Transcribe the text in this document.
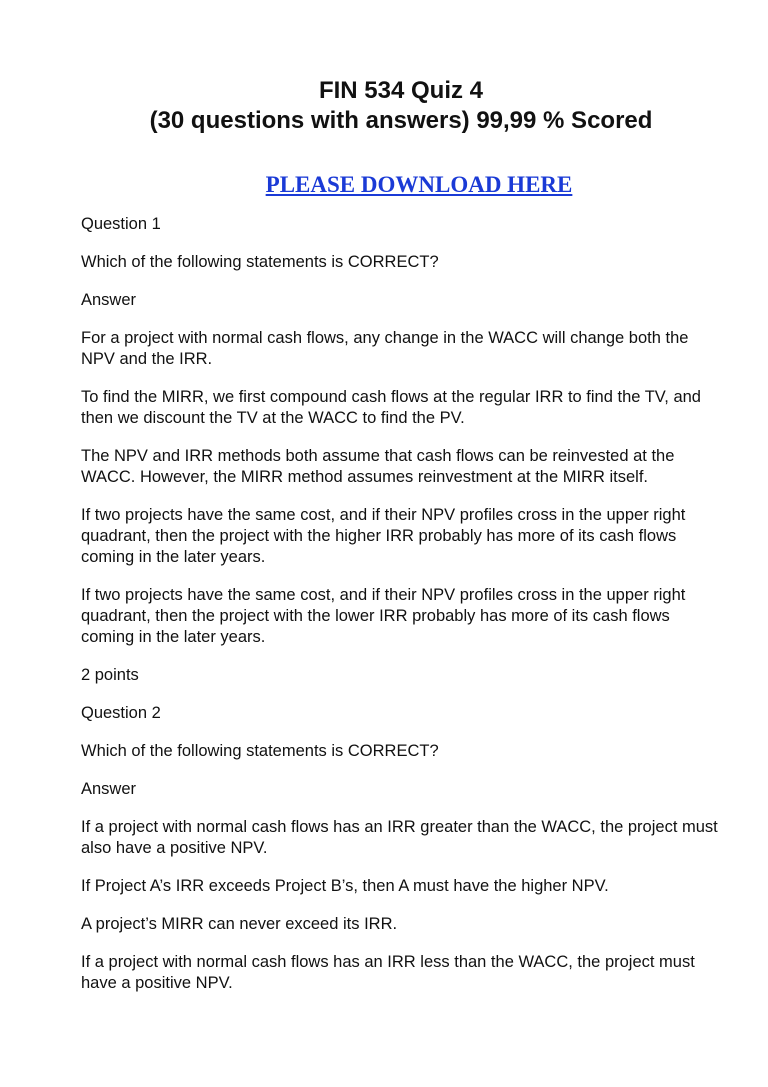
FIN 534 Quiz 4
(30 questions with answers) 99,99 % Scored
PLEASE DOWNLOAD HERE

Question 1

Which of the following statements is CORRECT?

Answer

For a project with normal cash flows, any change in the WACC will change both the NPV and the IRR.

To find the MIRR, we first compound cash flows at the regular IRR to find the TV, and then we discount the TV at the WACC to find the PV.

The NPV and IRR methods both assume that cash flows can be reinvested at the WACC. However, the MIRR method assumes reinvestment at the MIRR itself.

If two projects have the same cost, and if their NPV profiles cross in the upper right quadrant, then the project with the higher IRR probably has more of its cash flows coming in the later years.

If two projects have the same cost, and if their NPV profiles cross in the upper right quadrant, then the project with the lower IRR probably has more of its cash flows coming in the later years.

2 points

Question 2

Which of the following statements is CORRECT?

Answer

If a project with normal cash flows has an IRR greater than the WACC, the project must also have a positive NPV.

If Project A’s IRR exceeds Project B’s, then A must have the higher NPV.

A project’s MIRR can never exceed its IRR.

If a project with normal cash flows has an IRR less than the WACC, the project must have a positive NPV.
